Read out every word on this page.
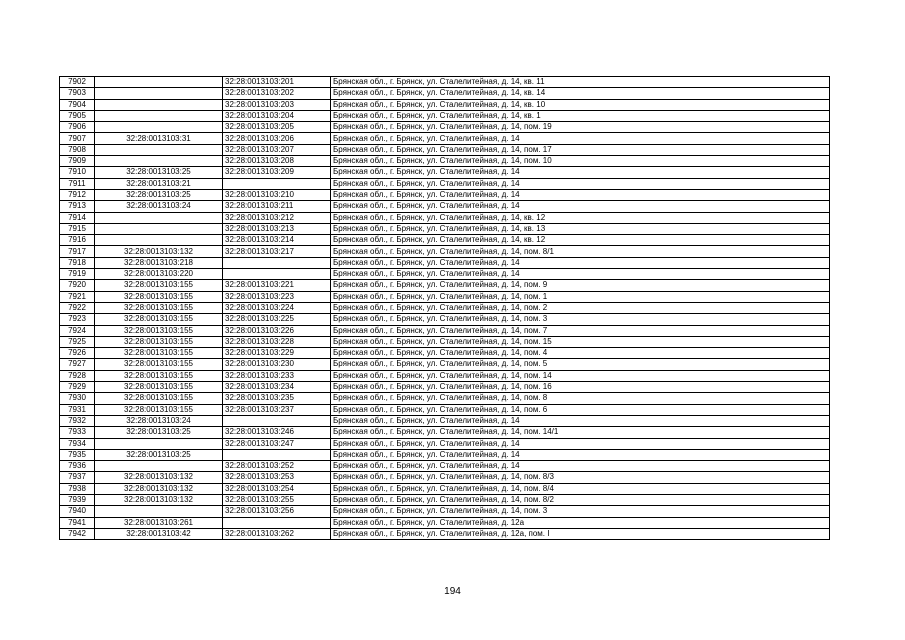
7902		32:28:0013103:201	Брянская обл., г. Брянск, ул. Сталелитейная, д. 14, кв. 11
7903		32:28:0013103:202	Брянская обл., г. Брянск, ул. Сталелитейная, д. 14, кв. 14
7904		32:28:0013103:203	Брянская обл., г. Брянск, ул. Сталелитейная, д. 14, кв. 10
7905		32:28:0013103:204	Брянская обл., г. Брянск, ул. Сталелитейная, д. 14, кв. 1
7906		32:28:0013103:205	Брянская обл., г. Брянск, ул. Сталелитейная, д. 14, пом. 19
7907	32:28:0013103:31	32:28:0013103:206	Брянская обл., г. Брянск, ул. Сталелитейная, д. 14
7908		32:28:0013103:207	Брянская обл., г. Брянск, ул. Сталелитейная, д. 14, пом. 17
7909		32:28:0013103:208	Брянская обл., г. Брянск, ул. Сталелитейная, д. 14, пом. 10
7910	32:28:0013103:25	32:28:0013103:209	Брянская обл., г. Брянск, ул. Сталелитейная, д. 14
7911	32:28:0013103:21		Брянская обл., г. Брянск, ул. Сталелитейная, д. 14
7912	32:28:0013103:25	32:28:0013103:210	Брянская обл., г. Брянск, ул. Сталелитейная, д. 14
7913	32:28:0013103:24	32:28:0013103:211	Брянская обл., г. Брянск, ул. Сталелитейная, д. 14
7914		32:28:0013103:212	Брянская обл., г. Брянск, ул. Сталелитейная, д. 14, кв. 12
7915		32:28:0013103:213	Брянская обл., г. Брянск, ул. Сталелитейная, д. 14, кв. 13
7916		32:28:0013103:214	Брянская обл., г. Брянск, ул. Сталелитейная, д. 14, кв. 12
7917	32:28:0013103:132	32:28:0013103:217	Брянская обл., г. Брянск, ул. Сталелитейная, д. 14, пом. 8/1
7918	32:28:0013103:218		Брянская обл., г. Брянск, ул. Сталелитейная, д. 14
7919	32:28:0013103:220		Брянская обл., г. Брянск, ул. Сталелитейная, д. 14
7920	32:28:0013103:155	32:28:0013103:221	Брянская обл., г. Брянск, ул. Сталелитейная, д. 14, пом. 9
7921	32:28:0013103:155	32:28:0013103:223	Брянская обл., г. Брянск, ул. Сталелитейная, д. 14, пом. 1
7922	32:28:0013103:155	32:28:0013103:224	Брянская обл., г. Брянск, ул. Сталелитейная, д. 14, пом. 2
7923	32:28:0013103:155	32:28:0013103:225	Брянская обл., г. Брянск, ул. Сталелитейная, д. 14, пом. 3
7924	32:28:0013103:155	32:28:0013103:226	Брянская обл., г. Брянск, ул. Сталелитейная, д. 14, пом. 7
7925	32:28:0013103:155	32:28:0013103:228	Брянская обл., г. Брянск, ул. Сталелитейная, д. 14, пом. 15
7926	32:28:0013103:155	32:28:0013103:229	Брянская обл., г. Брянск, ул. Сталелитейная, д. 14, пом. 4
7927	32:28:0013103:155	32:28:0013103:230	Брянская обл., г. Брянск, ул. Сталелитейная, д. 14, пом. 5
7928	32:28:0013103:155	32:28:0013103:233	Брянская обл., г. Брянск, ул. Сталелитейная, д. 14, пом. 14
7929	32:28:0013103:155	32:28:0013103:234	Брянская обл., г. Брянск, ул. Сталелитейная, д. 14, пом. 16
7930	32:28:0013103:155	32:28:0013103:235	Брянская обл., г. Брянск, ул. Сталелитейная, д. 14, пом. 8
7931	32:28:0013103:155	32:28:0013103:237	Брянская обл., г. Брянск, ул. Сталелитейная, д. 14, пом. 6
7932	32:28:0013103:24		Брянская обл., г. Брянск, ул. Сталелитейная, д. 14
7933	32:28:0013103:25	32:28:0013103:246	Брянская обл., г. Брянск, ул. Сталелитейная, д. 14, пом. 14/1
7934		32:28:0013103:247	Брянская обл., г. Брянск, ул. Сталелитейная, д. 14
7935	32:28:0013103:25		Брянская обл., г. Брянск, ул. Сталелитейная, д. 14
7936		32:28:0013103:252	Брянская обл., г. Брянск, ул. Сталелитейная, д. 14
7937	32:28:0013103:132	32:28:0013103:253	Брянская обл., г. Брянск, ул. Сталелитейная, д. 14, пом. 8/3
7938	32:28:0013103:132	32:28:0013103:254	Брянская обл., г. Брянск, ул. Сталелитейная, д. 14, пом. 8/4
7939	32:28:0013103:132	32:28:0013103:255	Брянская обл., г. Брянск, ул. Сталелитейная, д. 14, пом. 8/2
7940		32:28:0013103:256	Брянская обл., г. Брянск, ул. Сталелитейная, д. 14, пом. 3
7941	32:28:0013103:261		Брянская обл., г. Брянск, ул. Сталелитейная, д. 12а
7942	32:28:0013103:42	32:28:0013103:262	Брянская обл., г. Брянск, ул. Сталелитейная, д. 12а, пом. I
194
